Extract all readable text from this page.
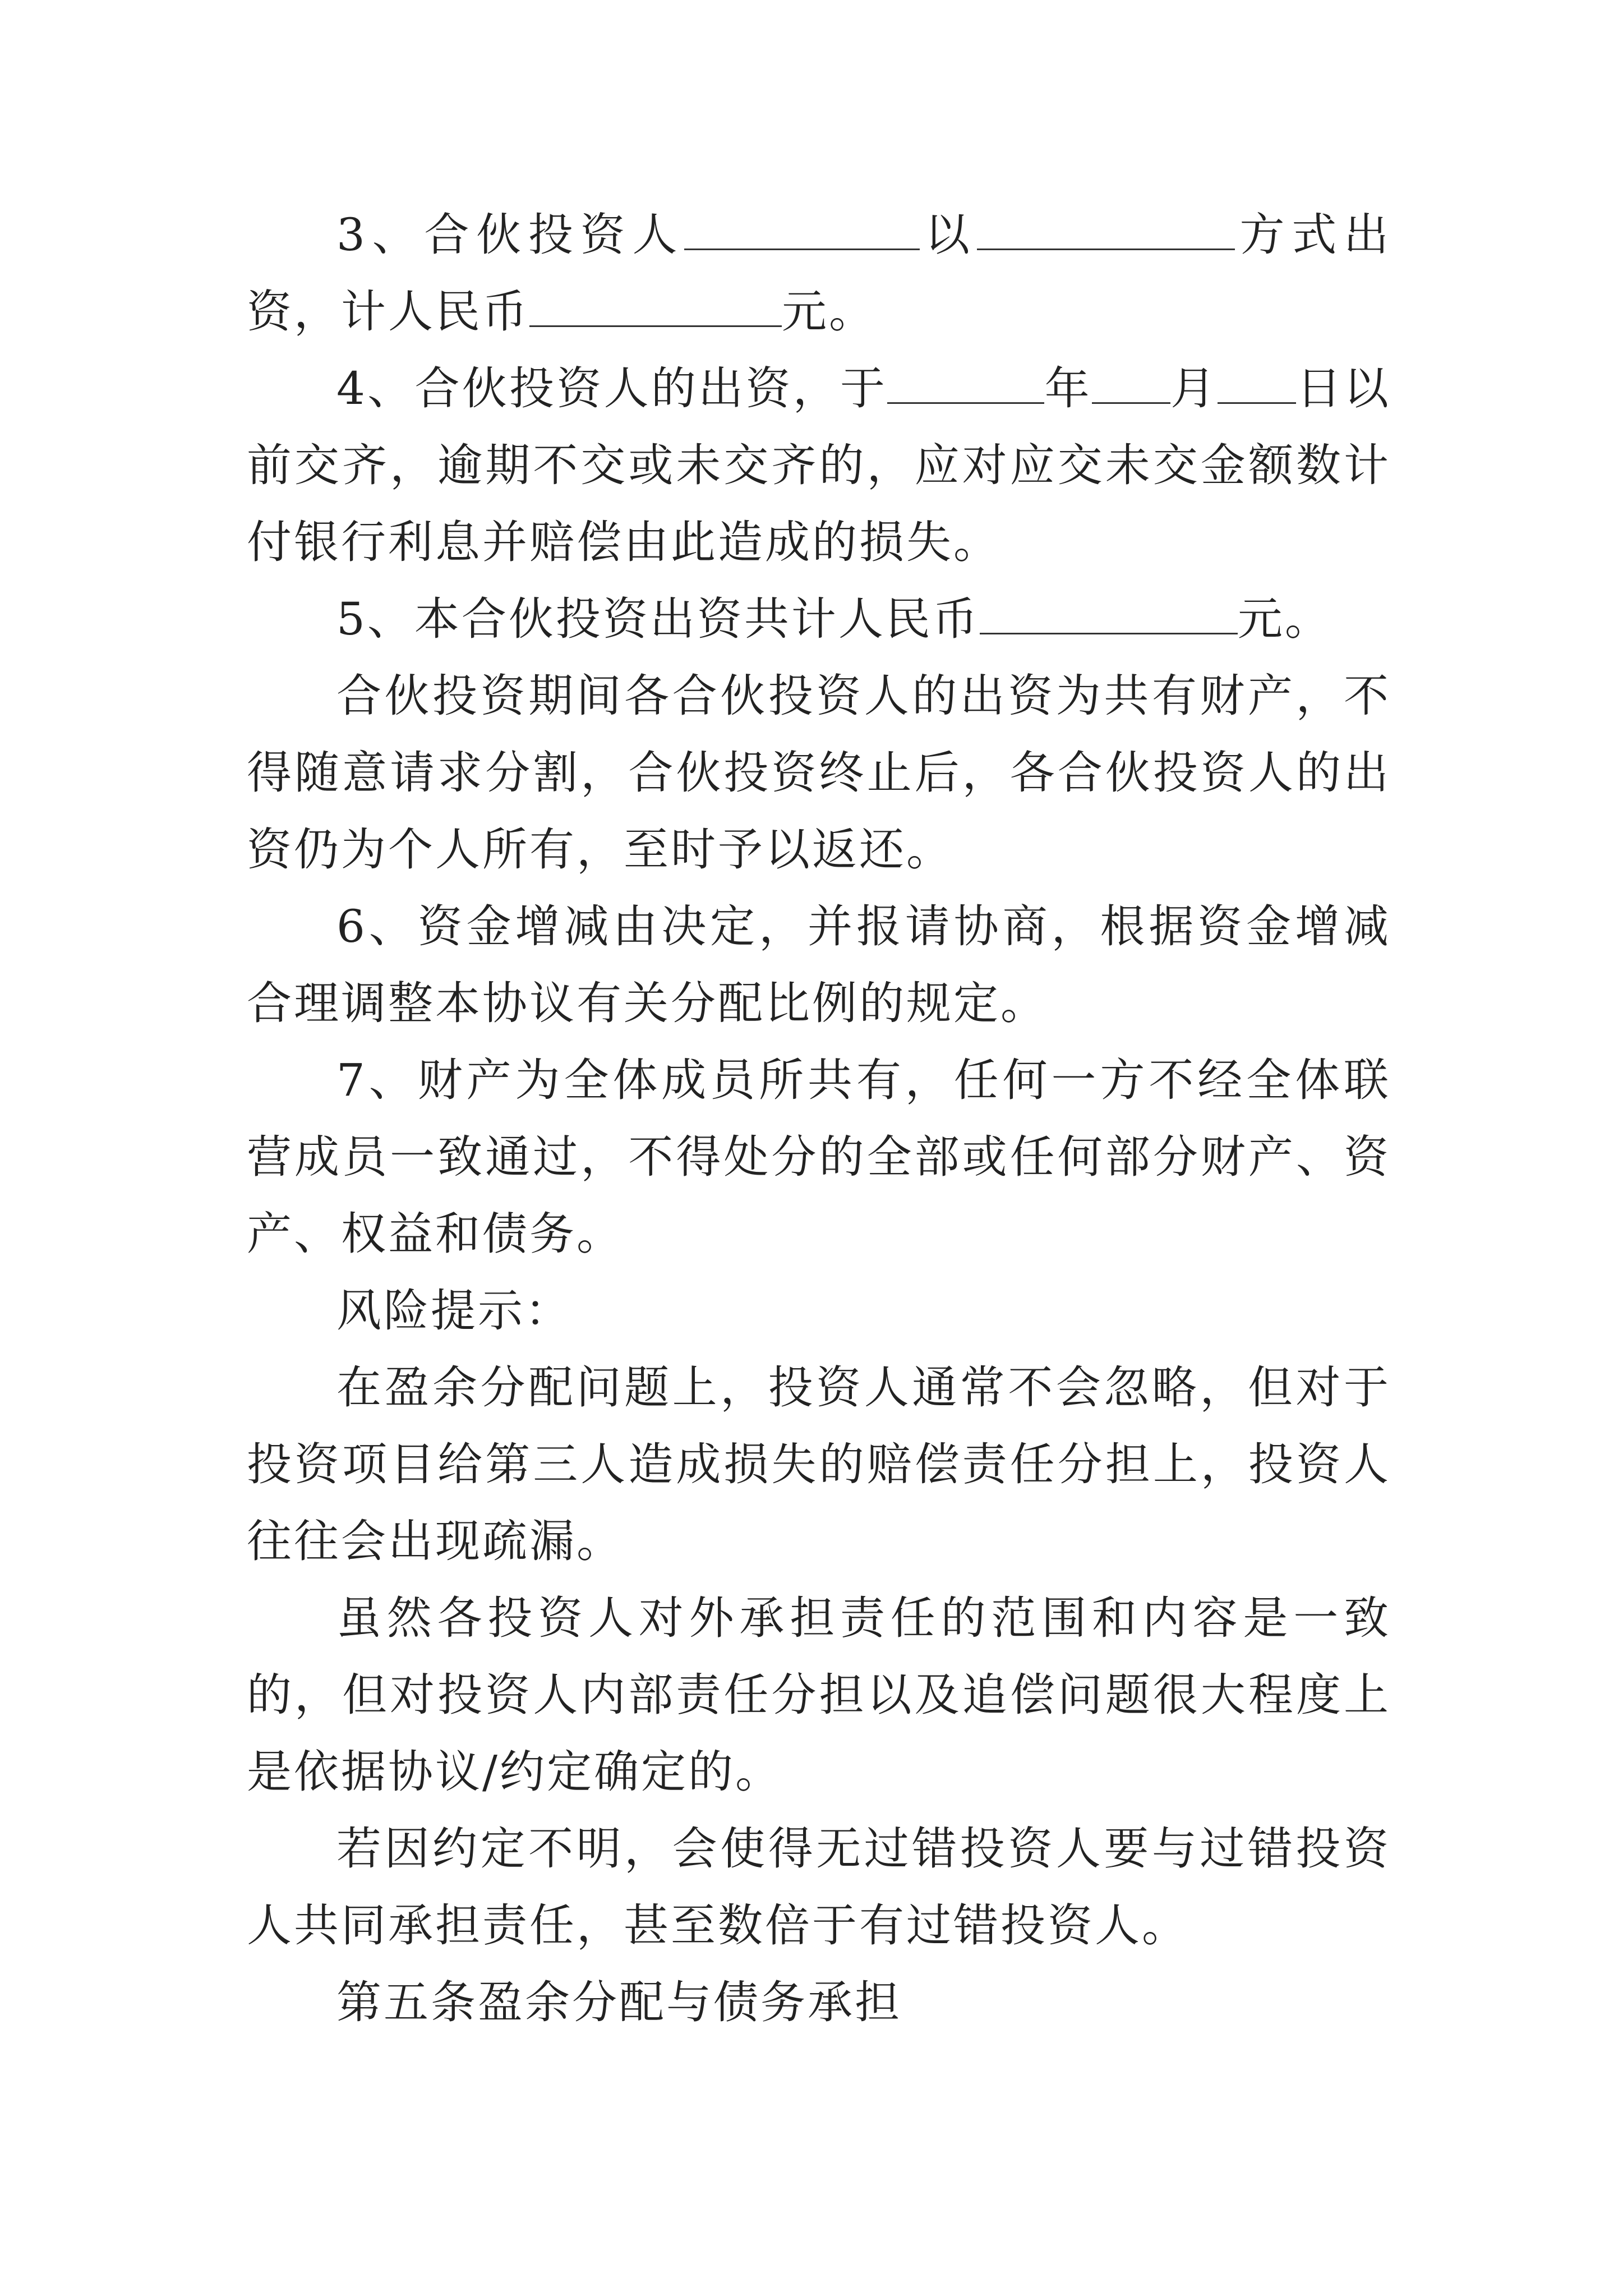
3、合伙投资人	以	方式出资，计人民币	元。

4、合伙投资人的出资，于	年 月 日以前交齐，逾期不交或未交齐的，应对应交未交金额数计付银行利息并赔偿由此造成的损失。

5、本合伙投资出资共计人民币	元。

合伙投资期间各合伙投资人的出资为共有财产，不得随意请求分割，合伙投资终止后，各合伙投资人的出资仍为个人所有，至时予以返还。

6、资金增减由决定，并报请协商，根据资金增减合理调整本协议有关分配比例的规定。

7、财产为全体成员所共有，任何一方不经全体联营成员一致通过，不得处分的全部或任何部分财产、资产、权益和债务。

风险提示：

在盈余分配问题上，投资人通常不会忽略，但对于投资项目给第三人造成损失的赔偿责任分担上，投资人往往会出现疏漏。

虽然各投资人对外承担责任的范围和内容是一致的，但对投资人内部责任分担以及追偿问题很大程度上是依据协议/约定确定的。

若因约定不明，会使得无过错投资人要与过错投资人共同承担责任，甚至数倍于有过错投资人。

第五条盈余分配与债务承担
